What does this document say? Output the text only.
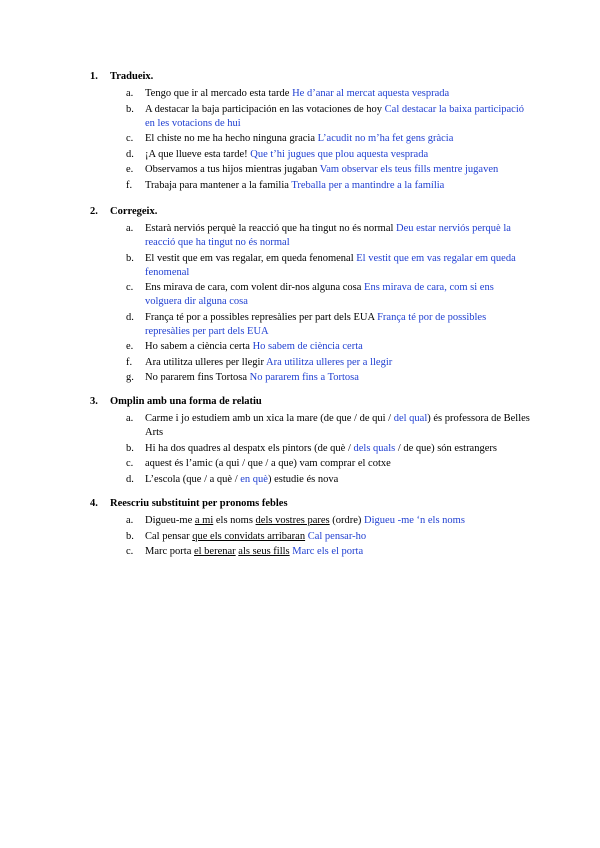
1. Tradueix.
a. Tengo que ir al mercado esta tarde He d’anar al mercat aquesta vesprada
b. A destacar la baja participación en las votaciones de hoy Cal destacar la baixa participació en les votacions de hui
c. El chiste no me ha hecho ninguna gracia L’acudit no m’ha fet gens gràcia
d. ¡A que llueve esta tarde! Que t’hi jugues que plou aquesta vesprada
e. Observamos a tus hijos mientras jugaban Vam observar els teus fills mentre jugaven
f. Trabaja para mantener a la familia Treballa per a mantindre a la família
2. Corregeix.
a. Estarà nerviós perquè la reacció que ha tingut no és normal Deu estar nerviós perquè la reacció que ha tingut no és normal
b. El vestit que em vas regalar, em queda fenomenal El vestit que em vas regalar em queda fenomenal
c. Ens mirava de cara, com volent dir-nos alguna cosa Ens mirava de cara, com si ens volguera dir alguna cosa
d. França té por a possibles represàlies per part dels EUA França té por de possibles represàlies per part dels EUA
e. Ho sabem a ciència certa Ho sabem de ciència certa
f. Ara utilitza ulleres per llegir Ara utilitza ulleres per a llegir
g. No pararem fins Tortosa No pararem fins a Tortosa
3. Omplin amb una forma de relatiu
a. Carme i jo estudiem amb un xica la mare (de que / de qui / del qual) és professora de Belles Arts
b. Hi ha dos quadres al despatx els pintors (de què / dels quals / de que) són estrangers
c. aquest és l’amic (a qui / que / a que) vam comprar el cotxe
d. L’escola (que / a què / en què) estudie és nova
4. Reescriu substituint per pronoms febles
a. Digueu-me a mi els noms dels vostres pares (ordre) Digueu -me ‘n els noms
b. Cal pensar que els convidats arribaran Cal pensar-ho
c. Marc porta el berenar als seus fills Marc els el porta
